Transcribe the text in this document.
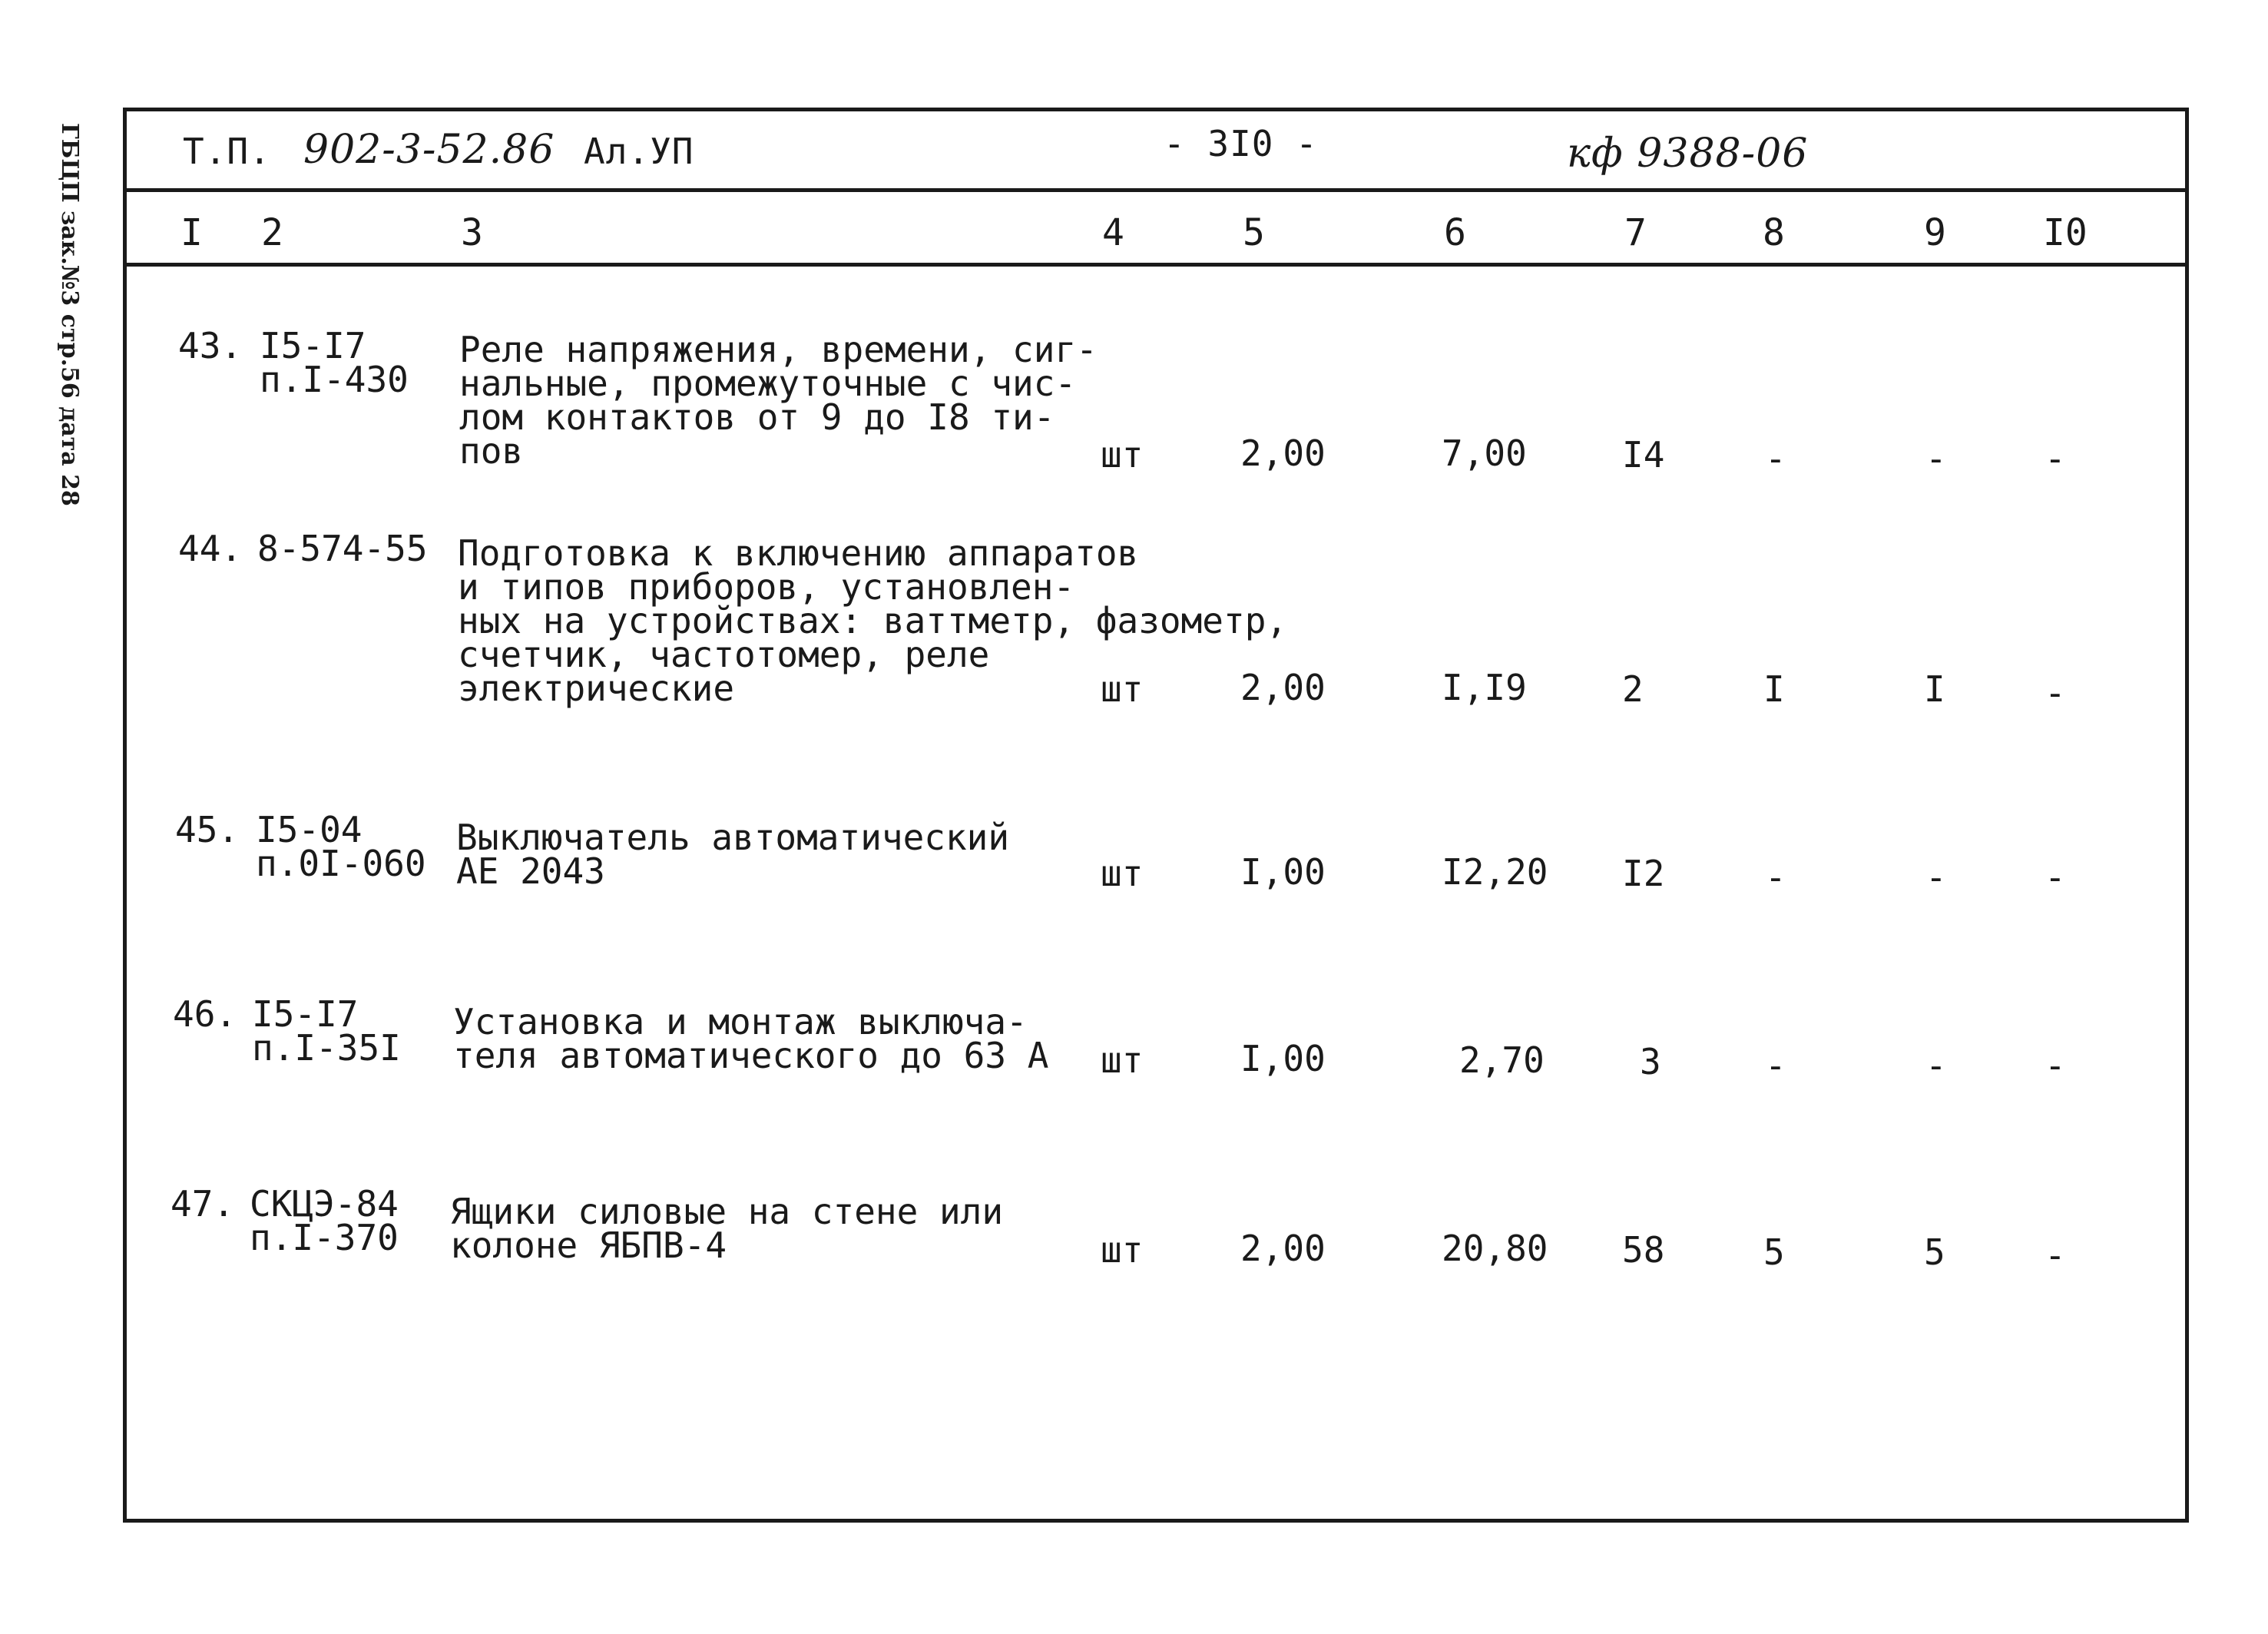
ГБЦП зак.№3 стр.56 дата 28	Т.П. 902-3-52.86 Ал.УП	- 3I0 -	кф 9388-06
I 2	3	4	5	6	7	8	9	I0
43. I5-I7
п.I-430
Реле напряжения, времени, сиг-
нальные, промежуточные с чис-
лом контактов от 9 до I8 ти-
пов	шт	2,00	7,00	I4	-	-	-
44. 8-574-55 Подготовка к включению аппаратов
и типов приборов, установлен-
ных на устройствах: ваттметр, фазометр,
счетчик, частотомер, реле
электрические	шт	2,00	I,I9	2	I	I	-
45. I5-04
п.0I-060
Выключатель автоматический
АЕ 2043	шт	I,00	I2,20 I2	-	-	-
46. I5-I7
п.I-35I
Установка и монтаж выключа-
теля автоматического до 63 А шт	I,00	2,70	3	-	-	-
47. СКЦЭ-84
п.I-370
Ящики силовые на стене или
колоне ЯБПВ-4	шт	2,00	20,80 58	5	5	-
